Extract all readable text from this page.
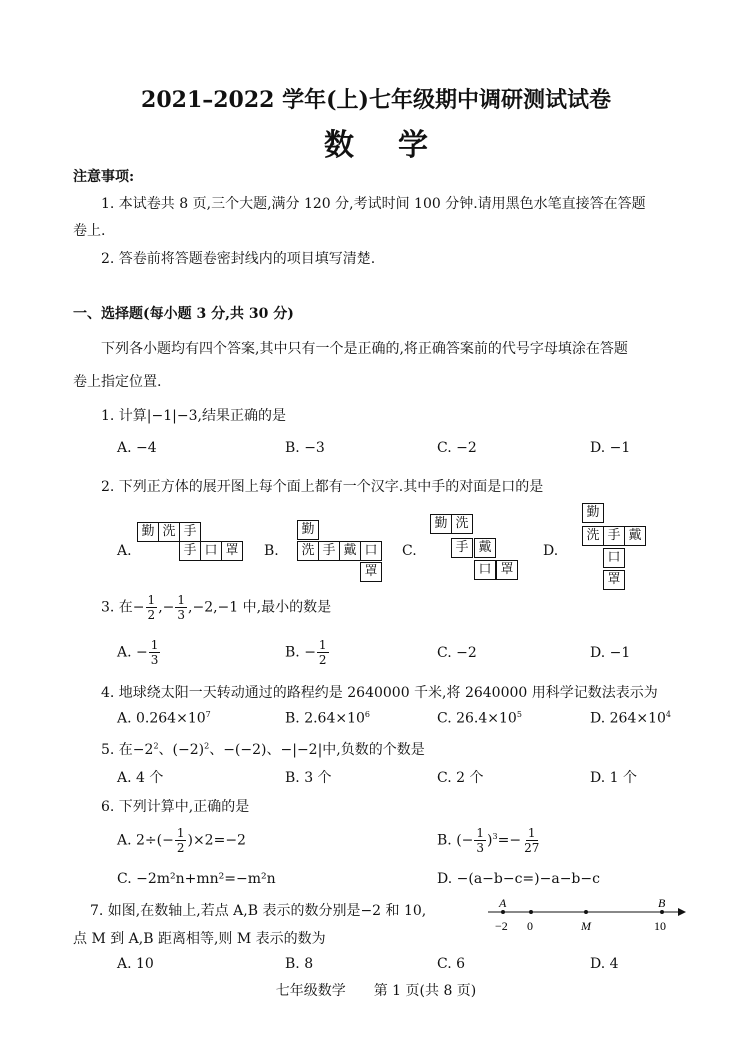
2021–2022 学年(上)七年级期中调研测试试卷
数学
注意事项:
1. 本试卷共 8 页,三个大题,满分 120 分,考试时间 100 分钟.请用黑色水笔直接答在答题
卷上.
2. 答卷前将答题卷密封线内的项目填写清楚.
一、选择题(每小题 3 分,共 30 分)
下列各小题均有四个答案,其中只有一个是正确的,将正确答案前的代号字母填涂在答题
卷上指定位置.
1. 计算|−1|−3,结果正确的是
A. −4	B. −3	C. −2	D. −1
2. 下列正方体的展开图上每个面上都有一个汉字.其中手的对面是口的是
A.
勤 洗 手
手 口 罩	B.
勤
洗 手 戴 口
罩
C.
勤 洗
手 戴
口 罩
D.
勤
洗 手 戴
口
罩
3. 在− $\frac{1}{2}$ ,− $\frac{1}{3} ,-2,-1$ 中,最小的数是
A. − $\frac{1}{3}$	B. − $\frac{1}{2}$	C. −2	D. −1
4. 地球绕太阳一天转动通过的路程约是 2640000 千米,将 2640000 用科学记数法表示为
A. $0.264\times 10^7$	B. $2.64\times 10^6$	C. $26.4\times 10^5$	D. $264\times 10^4$
5. 在$-2^2$、$(-2)^2$、−(−2)、−|−2|中,负数的个数是
A. 4 个	B. 3 个	C. 2 个	D. 1 个
6. 下列计算中,正确的是
A. $2\div(- \frac{1}{2} )\times 2=-2$	B. (− $\frac{1}{3} )^3=- \frac{1}{27}$
C. −2m²n+mn²=−m²n	D. −(a−b−c=)−a−b−c
7. 如图,在数轴上,若点 A,B 表示的数分别是−2 和 10,
点 M 到 A,B 距离相等,则 M 表示的数为
A	B
−2 0	M	10
A. 10	B. 8	C. 6	D. 4
七年级数学　　第 1 页(共 8 页)
